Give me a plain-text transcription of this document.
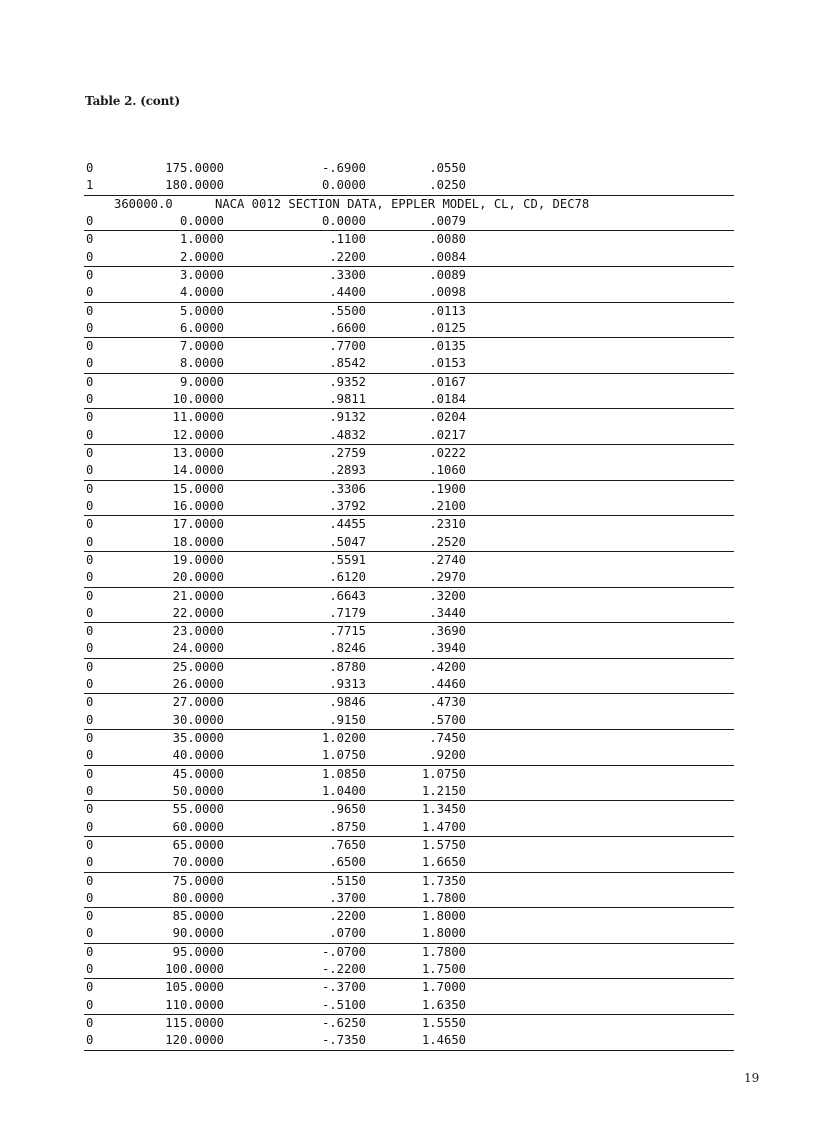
Table 2. (cont)
0	175.0000	-.6900	.0550
1	180.0000	0.0000	.0250
360000.0	NACA 0012 SECTION DATA, EPPLER MODEL, CL, CD, DEC78
0	0.0000	0.0000	.0079
0	1.0000	.1100	.0080
0	2.0000	.2200	.0084
0	3.0000	.3300	.0089
0	4.0000	.4400	.0098
0	5.0000	.5500	.0113
0	6.0000	.6600	.0125
0	7.0000	.7700	.0135
0	8.0000	.8542	.0153
0	9.0000	.9352	.0167
0	10.0000	.9811	.0184
0	11.0000	.9132	.0204
0	12.0000	.4832	.0217
0	13.0000	.2759	.0222
0	14.0000	.2893	.1060
0	15.0000	.3306	.1900
0	16.0000	.3792	.2100
0	17.0000	.4455	.2310
0	18.0000	.5047	.2520
0	19.0000	.5591	.2740
0	20.0000	.6120	.2970
0	21.0000	.6643	.3200
0	22.0000	.7179	.3440
0	23.0000	.7715	.3690
0	24.0000	.8246	.3940
0	25.0000	.8780	.4200
0	26.0000	.9313	.4460
0	27.0000	.9846	.4730
0	30.0000	.9150	.5700
0	35.0000	1.0200	.7450
0	40.0000	1.0750	.9200
0	45.0000	1.0850	1.0750
0	50.0000	1.0400	1.2150
0	55.0000	.9650	1.3450
0	60.0000	.8750	1.4700
0	65.0000	.7650	1.5750
0	70.0000	.6500	1.6650
0	75.0000	.5150	1.7350
0	80.0000	.3700	1.7800
0	85.0000	.2200	1.8000
0	90.0000	.0700	1.8000
0	95.0000	-.0700	1.7800
0	100.0000	-.2200	1.7500
0	105.0000	-.3700	1.7000
0	110.0000	-.5100	1.6350
0	115.0000	-.6250	1.5550
0	120.0000	-.7350	1.4650
19
